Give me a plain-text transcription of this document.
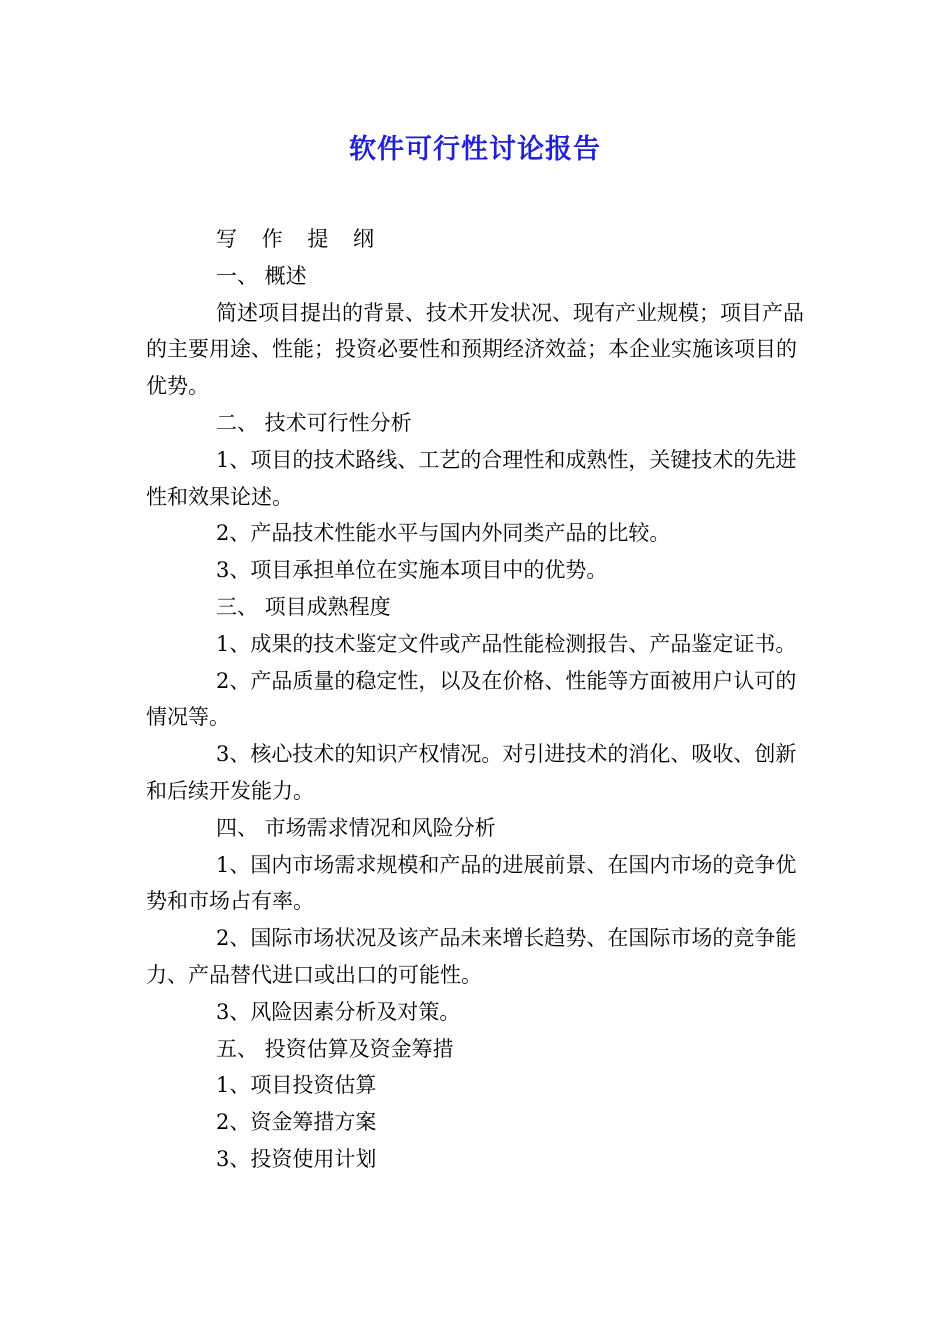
软件可行性讨论报告

写 作 提 纲

一、 概述

简述项目提出的背景、技术开发状况、现有产业规模；项目产品的主要用途、性能；投资必要性和预期经济效益；本企业实施该项目的优势。

二、 技术可行性分析

1、项目的技术路线、工艺的合理性和成熟性，关键技术的先进性和效果论述。

2、产品技术性能水平与国内外同类产品的比较。

3、项目承担单位在实施本项目中的优势。

三、 项目成熟程度

1、成果的技术鉴定文件或产品性能检测报告、产品鉴定证书。

2、产品质量的稳定性，以及在价格、性能等方面被用户认可的情况等。

3、核心技术的知识产权情况。对引进技术的消化、吸收、创新和后续开发能力。

四、 市场需求情况和风险分析

1、国内市场需求规模和产品的进展前景、在国内市场的竞争优势和市场占有率。

2、国际市场状况及该产品未来增长趋势、在国际市场的竞争能力、产品替代进口或出口的可能性。

3、风险因素分析及对策。

五、 投资估算及资金筹措

1、项目投资估算

2、资金筹措方案

3、投资使用计划
